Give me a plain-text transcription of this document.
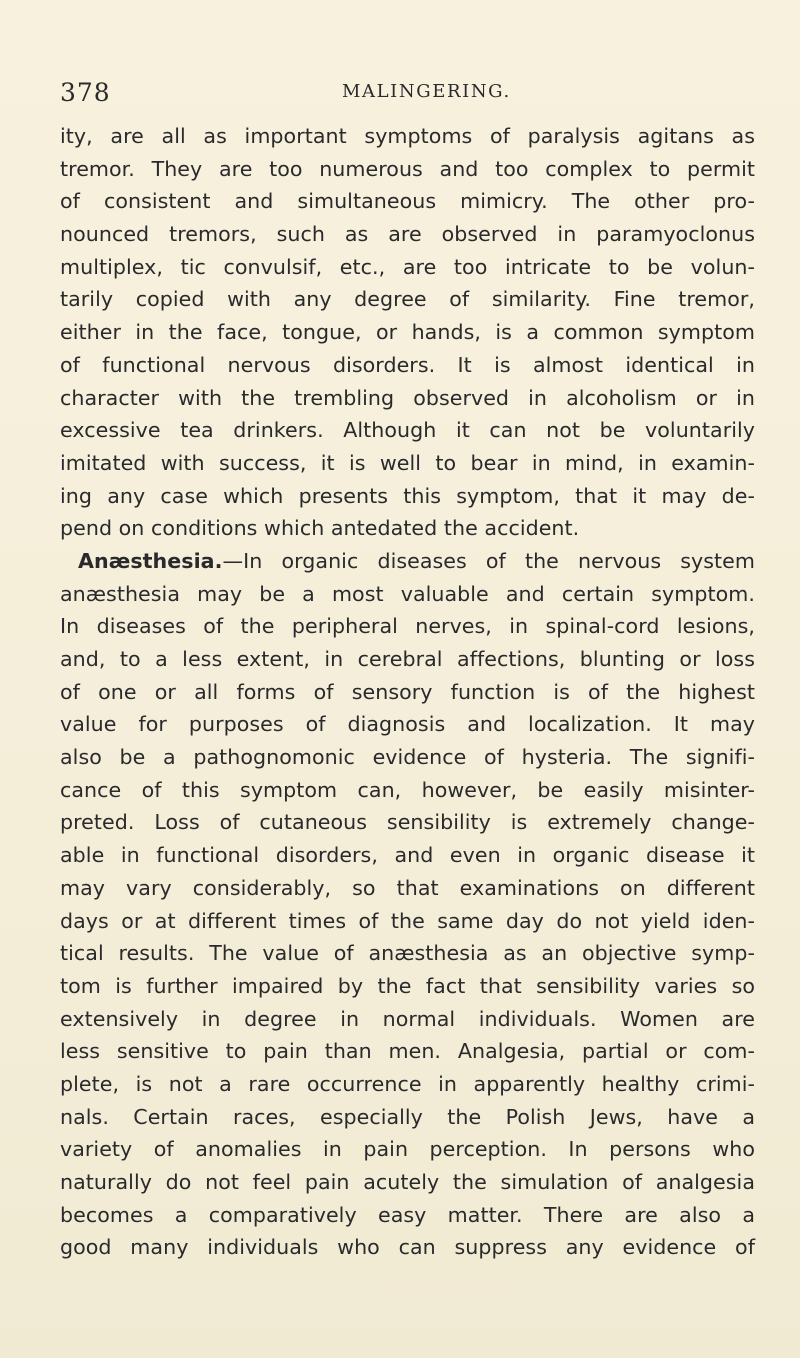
378	MALINGERING.
ity, are all as important symptoms of paralysis agitans as
tremor. They are too numerous and too complex to permit
of consistent and simultaneous mimicry. The other pro-
nounced tremors, such as are observed in paramyoclonus
multiplex, tic convulsif, etc., are too intricate to be volun-
tarily copied with any degree of similarity. Fine tremor,
either in the face, tongue, or hands, is a common symptom
of functional nervous disorders. It is almost identical in
character with the trembling observed in alcoholism or in
excessive tea drinkers. Although it can not be voluntarily
imitated with success, it is well to bear in mind, in examin-
ing any case which presents this symptom, that it may de-
pend on conditions which antedated the accident.
Anæsthesia.—In organic diseases of the nervous system
anæsthesia may be a most valuable and certain symptom.
In diseases of the peripheral nerves, in spinal-cord lesions,
and, to a less extent, in cerebral affections, blunting or loss
of one or all forms of sensory function is of the highest
value for purposes of diagnosis and localization. It may
also be a pathognomonic evidence of hysteria. The signifi-
cance of this symptom can, however, be easily misinter-
preted. Loss of cutaneous sensibility is extremely change-
able in functional disorders, and even in organic disease it
may vary considerably, so that examinations on different
days or at different times of the same day do not yield iden-
tical results. The value of anæsthesia as an objective symp-
tom is further impaired by the fact that sensibility varies so
extensively in degree in normal individuals. Women are
less sensitive to pain than men. Analgesia, partial or com-
plete, is not a rare occurrence in apparently healthy crimi-
nals. Certain races, especially the Polish Jews, have a
variety of anomalies in pain perception. In persons who
naturally do not feel pain acutely the simulation of analgesia
becomes a comparatively easy matter. There are also a
good many individuals who can suppress any evidence of
